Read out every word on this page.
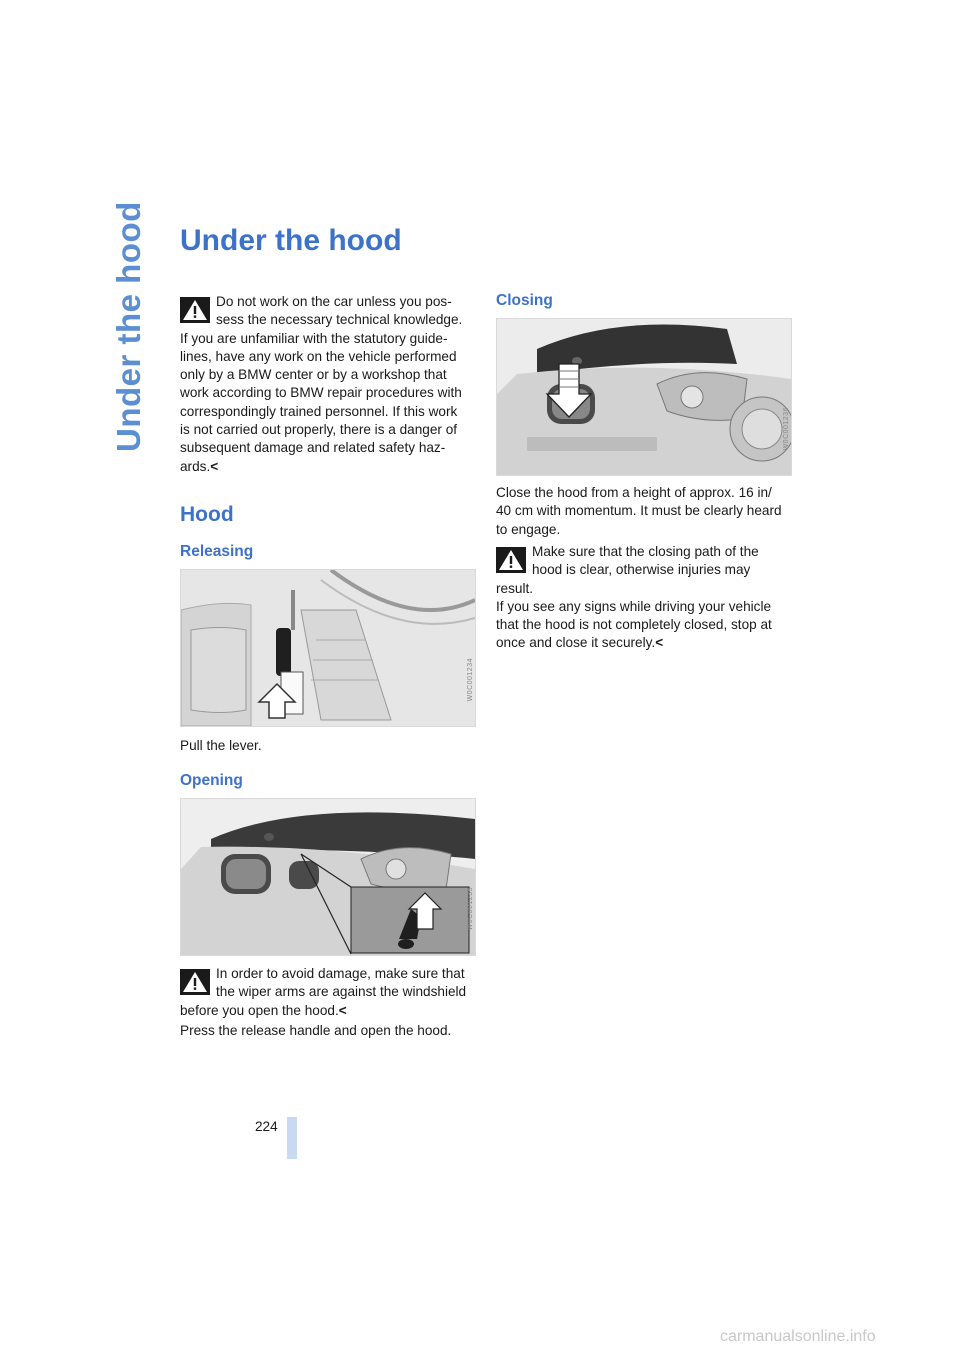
Under the hood Under the hood
Do not work on the car unless you pos-
sess the necessary technical knowledge.
If you are unfamiliar with the statutory guide-
lines, have any work on the vehicle performed
only by a BMW center or by a workshop that
work according to BMW repair procedures with
correspondingly trained personnel. If this work
is not carried out properly, there is a danger of
subsequent damage and related safety haz-
ards.<
Hood
Releasing
W0C001234

Pull the lever.

Opening
W0C001235
In order to avoid damage, make sure that
the wiper arms are against the windshield
before you open the hood.<

Press the release handle and open the hood.

Closing
W0C001236

Close the hood from a height of approx. 16 in/
40 cm with momentum. It must be clearly heard
to engage.

Make sure that the closing path of the
hood is clear, otherwise injuries may
result.
If you see any signs while driving your vehicle
that the hood is not completely closed, stop at
once and close it securely.<
224
carmanualsonline.info
